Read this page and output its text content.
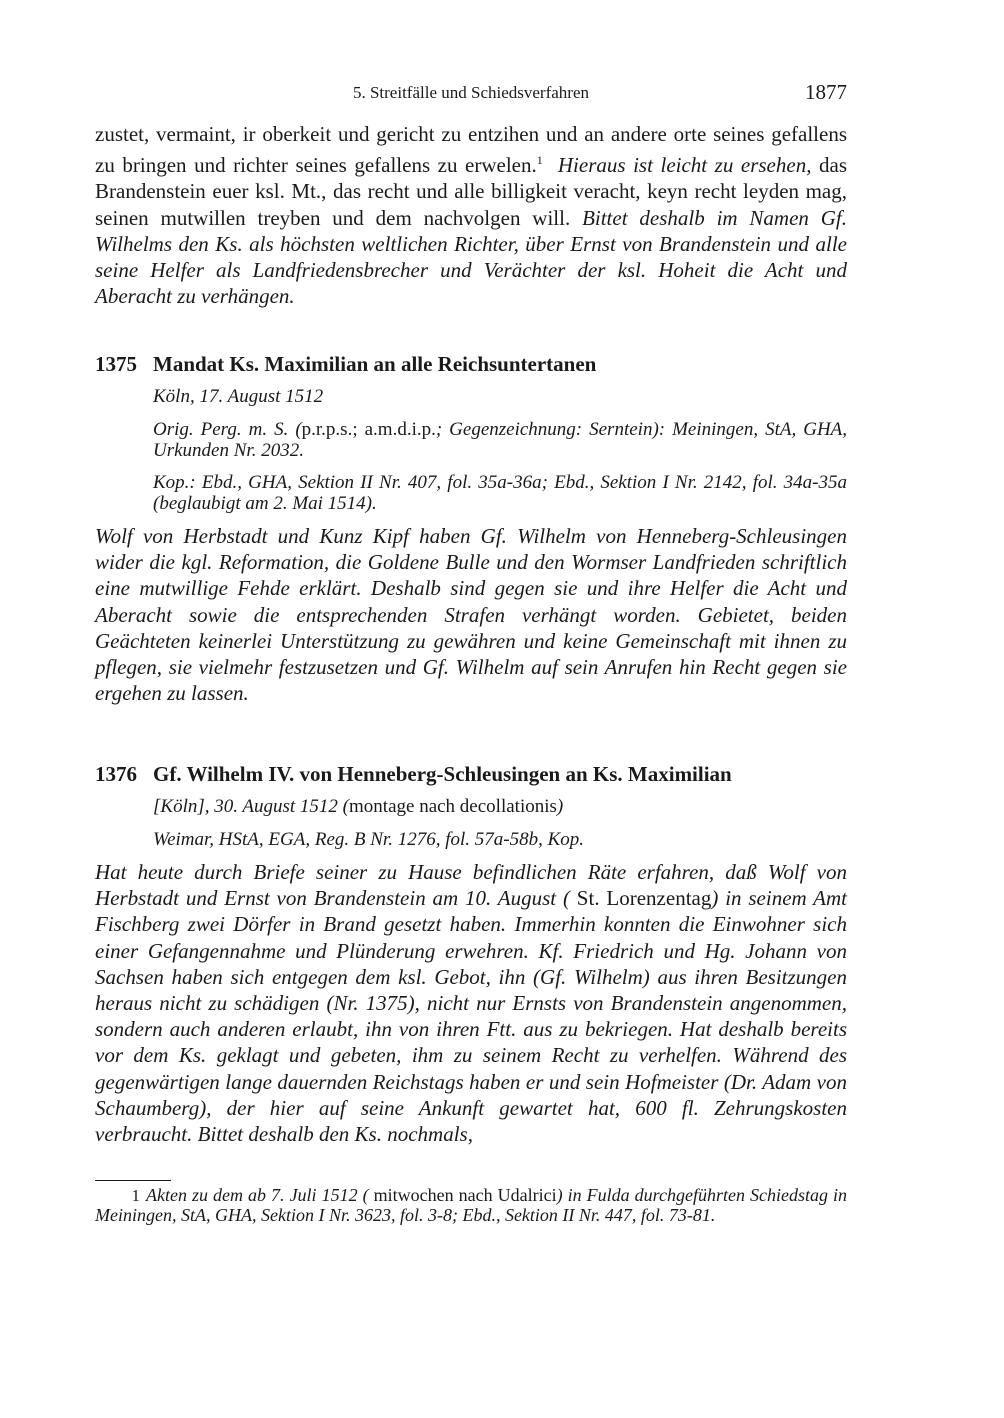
5. Streitfälle und Schiedsverfahren	1877

zustet, vermaint, ir oberkeit und gericht zu entzihen und an andere orte seines gefallens zu bringen und richter seines gefallens zu erwelen.$^1$ Hieraus ist leicht zu ersehen, das Brandenstein euer ksl. Mt., das recht und alle billigkeit veracht, keyn recht leyden mag, seinen mutwillen treyben und dem nachvolgen will. Bittet deshalb im Namen Gf. Wilhelms den Ks. als höchsten weltlichen Richter, über Ernst von Brandenstein und alle seine Helfer als Landfriedensbrecher und Verächter der ksl. Hoheit die Acht und Aberacht zu verhängen.

1375 Mandat Ks. Maximilian an alle Reichsuntertanen

Köln, 17. August 1512

Orig. Perg. m. S. (p.r.p.s.; a.m.d.i.p.; Gegenzeichnung: Serntein): Meiningen, StA, GHA, Urkunden Nr. 2032.

Kop.: Ebd., GHA, Sektion II Nr. 407, fol. 35a-36a; Ebd., Sektion I Nr. 2142, fol. 34a-35a (beglaubigt am 2. Mai 1514).

Wolf von Herbstadt und Kunz Kipf haben Gf. Wilhelm von Henneberg-Schleusingen wider die kgl. Reformation, die Goldene Bulle und den Wormser Landfrieden schriftlich eine mutwillige Fehde erklärt. Deshalb sind gegen sie und ihre Helfer die Acht und Aberacht sowie die entsprechenden Strafen verhängt worden. Gebietet, beiden Geächteten keinerlei Unterstützung zu gewähren und keine Gemeinschaft mit ihnen zu pflegen, sie vielmehr festzusetzen und Gf. Wilhelm auf sein Anrufen hin Recht gegen sie ergehen zu lassen.

1376 Gf. Wilhelm IV. von Henneberg-Schleusingen an Ks. Maximilian

[Köln], 30. August 1512 (montage nach decollationis)

Weimar, HStA, EGA, Reg. B Nr. 1276, fol. 57a-58b, Kop.

Hat heute durch Briefe seiner zu Hause befindlichen Räte erfahren, daß Wolf von Herbstadt und Ernst von Brandenstein am 10. August ( St. Lorenzentag) in seinem Amt Fischberg zwei Dörfer in Brand gesetzt haben. Immerhin konnten die Einwohner sich einer Gefangennahme und Plünderung erwehren. Kf. Friedrich und Hg. Johann von Sachsen haben sich entgegen dem ksl. Gebot, ihn (Gf. Wilhelm) aus ihren Besitzungen heraus nicht zu schädigen (Nr. 1375), nicht nur Ernsts von Brandenstein angenommen, sondern auch anderen erlaubt, ihn von ihren Ftt. aus zu bekriegen. Hat deshalb bereits vor dem Ks. geklagt und gebeten, ihm zu seinem Recht zu verhelfen. Während des gegenwärtigen lange dauernden Reichstags haben er und sein Hofmeister (Dr. Adam von Schaumberg), der hier auf seine Ankunft gewartet hat, 600 fl. Zehrungskosten verbraucht. Bittet deshalb den Ks. nochmals,

1 Akten zu dem ab 7. Juli 1512 ( mitwochen nach Udalrici) in Fulda durchgeführten Schiedstag in Meiningen, StA, GHA, Sektion I Nr. 3623, fol. 3-8; Ebd., Sektion II Nr. 447, fol. 73-81.
